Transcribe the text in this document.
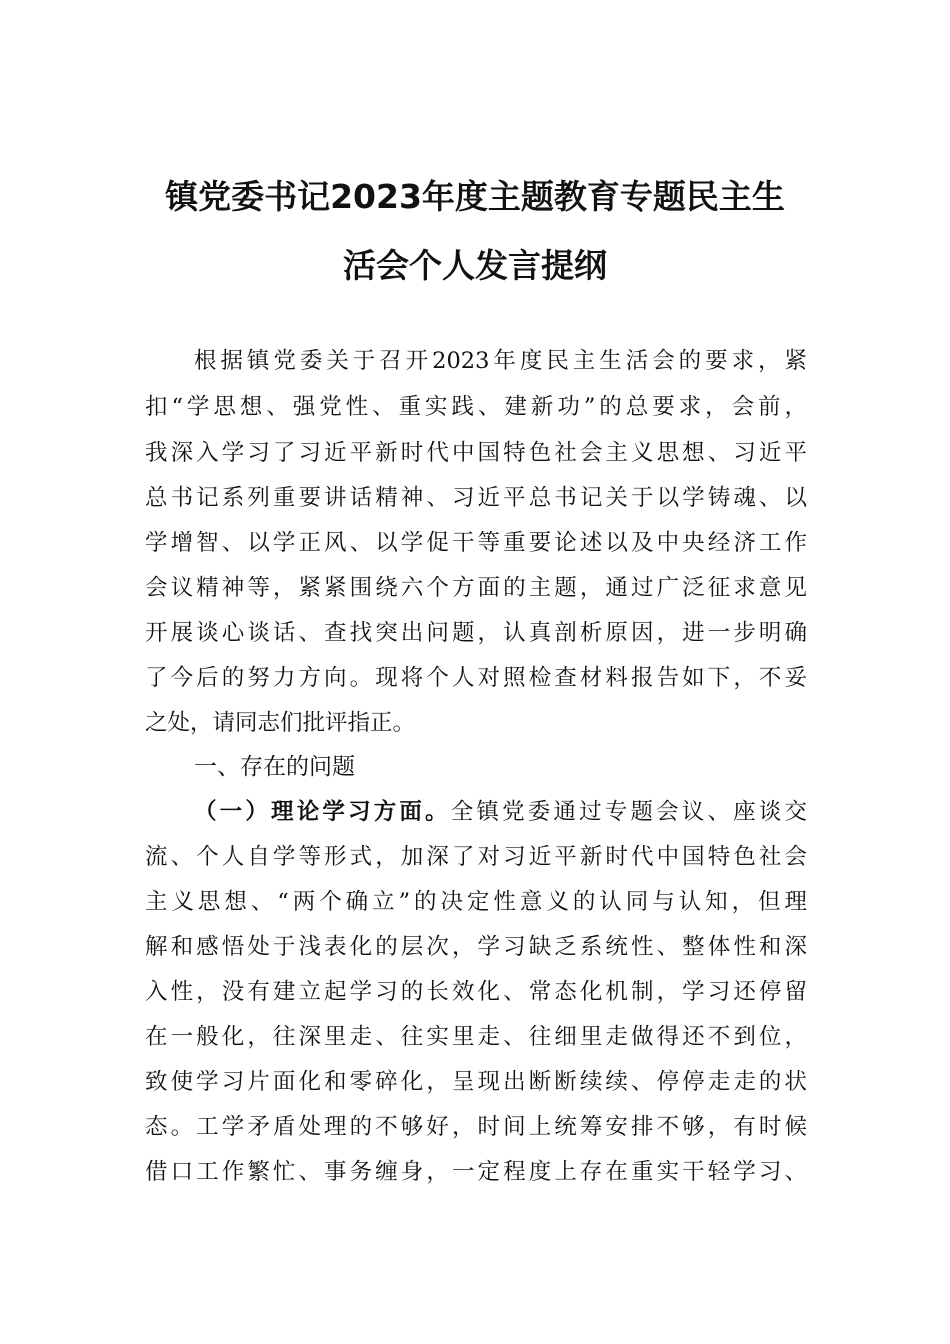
镇党委书记2023年度主题教育专题民主生
活会个人发言提纲
根据镇党委关于召开2023年度民主生活会的要求，紧
扣“学思想、强党性、重实践、建新功”的总要求，会前，
我深入学习了习近平新时代中国特色社会主义思想、习近平
总书记系列重要讲话精神、习近平总书记关于以学铸魂、以
学增智、以学正风、以学促干等重要论述以及中央经济工作
会议精神等，紧紧围绕六个方面的主题，通过广泛征求意见
开展谈心谈话、查找突出问题，认真剖析原因，进一步明确
了今后的努力方向。现将个人对照检查材料报告如下，不妥
之处，请同志们批评指正。
一、存在的问题
（一）理论学习方面。全镇党委通过专题会议、座谈交
流、个人自学等形式，加深了对习近平新时代中国特色社会
主义思想、“两个确立”的决定性意义的认同与认知，但理
解和感悟处于浅表化的层次，学习缺乏系统性、整体性和深
入性，没有建立起学习的长效化、常态化机制，学习还停留
在一般化，往深里走、往实里走、往细里走做得还不到位，
致使学习片面化和零碎化，呈现出断断续续、停停走走的状
态。工学矛盾处理的不够好，时间上统筹安排不够，有时候
借口工作繁忙、事务缠身，一定程度上存在重实干轻学习、
